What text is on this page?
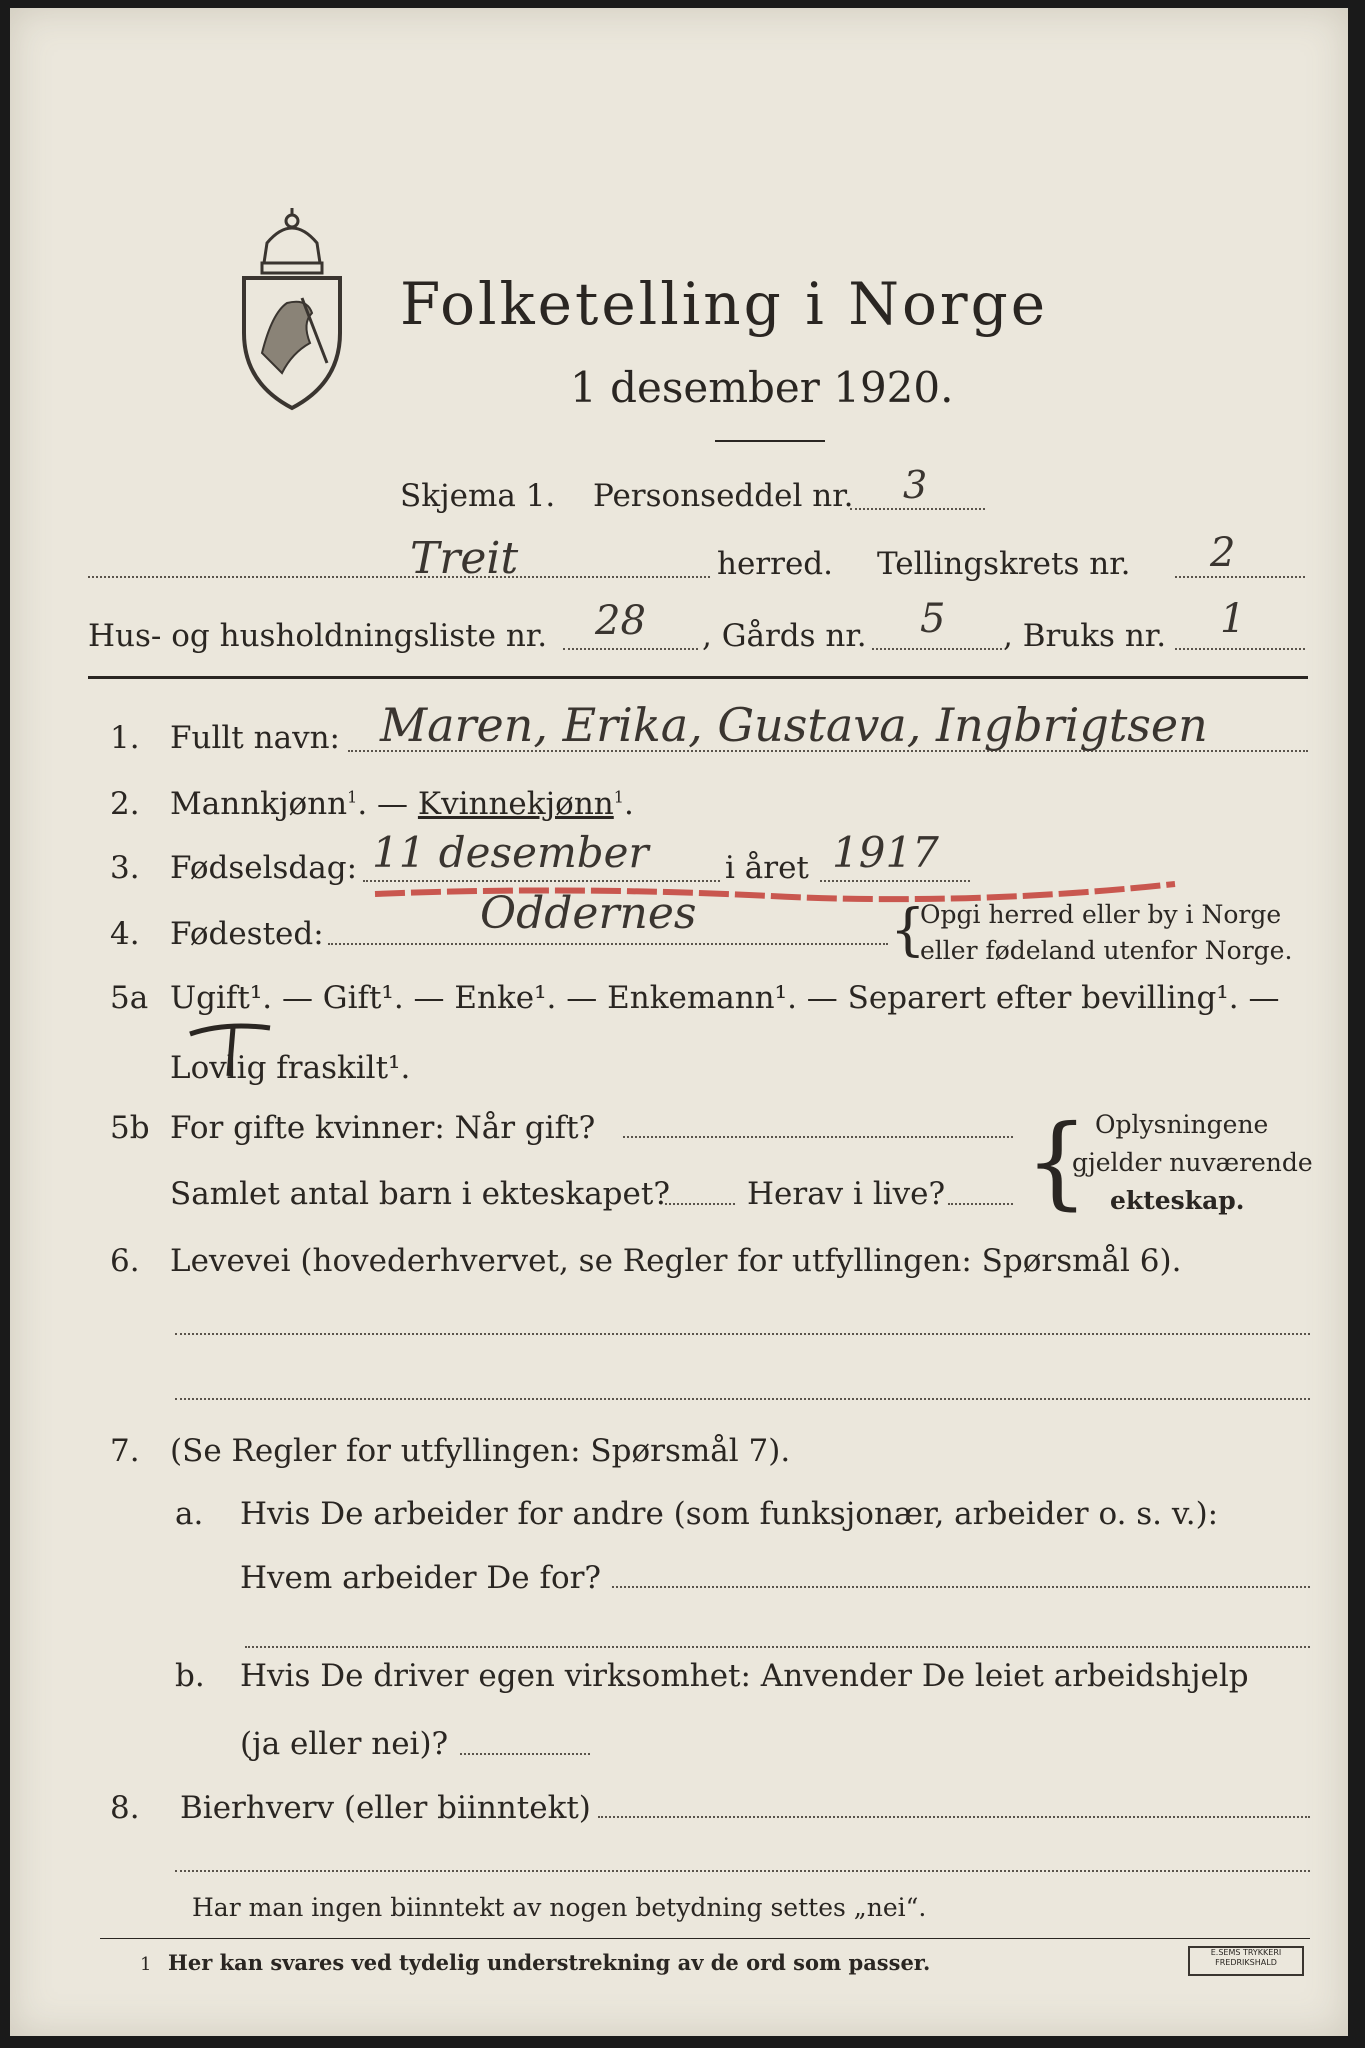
Folketelling i Norge
1 desember 1920.
Skjema 1. Personseddel nr. 3
Treit	herred. Tellingskrets nr. 2
Hus- og husholdningsliste nr. 28 , Gårds nr. 5 , Bruks nr. 1
1. Fullt navn: Maren, Erika, Gustava, Ingbrigtsen
2. Mannkjønn$^1$. — Kvinnekjønn$^1$.
3. Fødselsdag: 11 desember i året 1917
4. Fødested:	Oddernes	{
Opgi herred eller by i Norge
eller fødeland utenfor Norge.
5a Ugift¹. — Gift¹. — Enke¹. — Enkemann¹. — Separert efter bevilling¹. —
Lovlig fraskilt¹.
5b For gifte kvinner: Når gift?
Samlet antal barn i ekteskapet? Herav i live? { Oplysningene
gjelder nuværende
ekteskap.
6. Levevei (hovederhvervet, se Regler for utfyllingen: Spørsmål 6).
7. (Se Regler for utfyllingen: Spørsmål 7).
a. Hvis De arbeider for andre (som funksjonær, arbeider o. s. v.):
Hvem arbeider De for?
b. Hvis De driver egen virksomhet: Anvender De leiet arbeidshjelp
(ja eller nei)?
8. Bierhverv (eller biinntekt)
Har man ingen biinntekt av nogen betydning settes „nei“.
1 Her kan svares ved tydelig understrekning av de ord som passer.	E.SEMS TRYKKERI
FREDRIKSHALD
